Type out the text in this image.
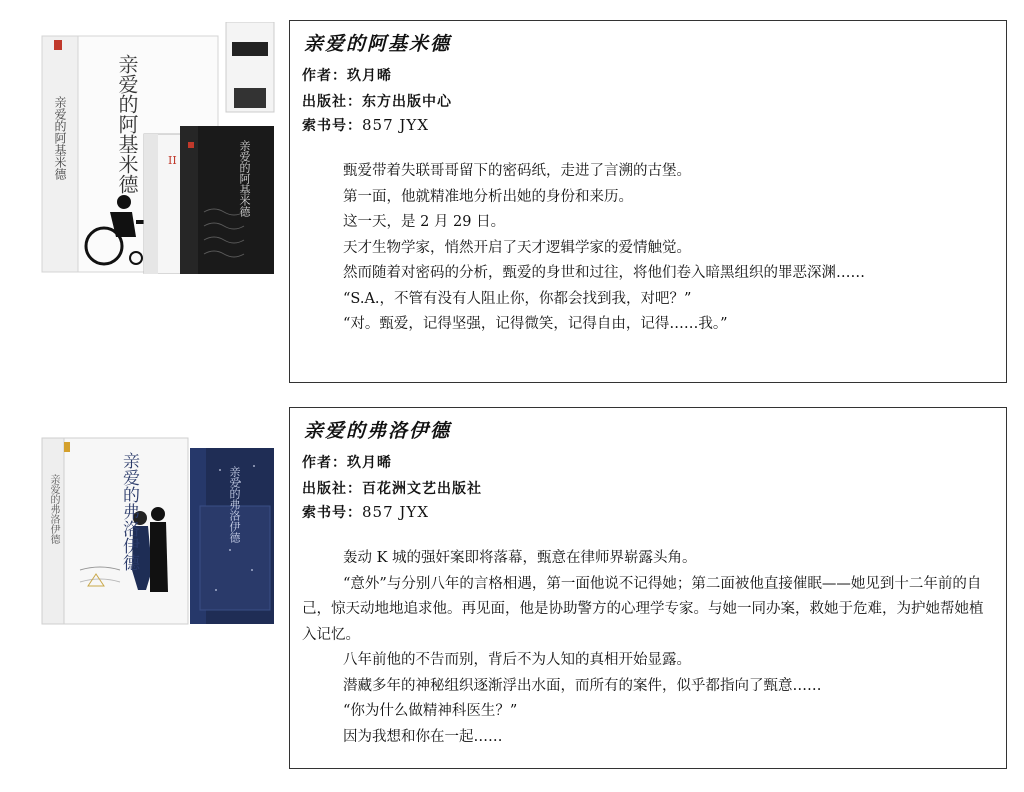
亲爱的阿基米德
亲爱的阿基米德	II	亲爱的阿基米德
亲爱的阿基米德
作者：玖月晞
出版社：东方出版中心
索书号：857 JYX

甄爱带着失联哥哥留下的密码纸，走进了言溯的古堡。

第一面，他就精准地分析出她的身份和来历。

这一天，是 2 月 29 日。

天才生物学家，悄然开启了天才逻辑学家的爱情触觉。

然而随着对密码的分析，甄爱的身世和过往，将他们卷入暗黑组织的罪恶深渊……

“S.A.，不管有没有人阻止你，你都会找到我，对吧？”

“对。甄爱，记得坚强，记得微笑，记得自由，记得……我。”

亲爱的弗洛伊德
亲爱的弗洛伊德	亲爱的弗洛伊德
亲爱的弗洛伊德
作者：玖月晞
出版社：百花洲文艺出版社
索书号：857 JYX

轰动 K 城的强奸案即将落幕，甄意在律师界崭露头角。

“意外”与分别八年的言格相遇，第一面他说不记得她；第二面被他直接催眠——她见到十二年前的自己，惊天动地地追求他。再见面，他是协助警方的心理学专家。与她一同办案，救她于危难，为护她帮她植入记忆。

八年前他的不告而别，背后不为人知的真相开始显露。

潜藏多年的神秘组织逐渐浮出水面，而所有的案件，似乎都指向了甄意……

“你为什么做精神科医生？”

因为我想和你在一起……
